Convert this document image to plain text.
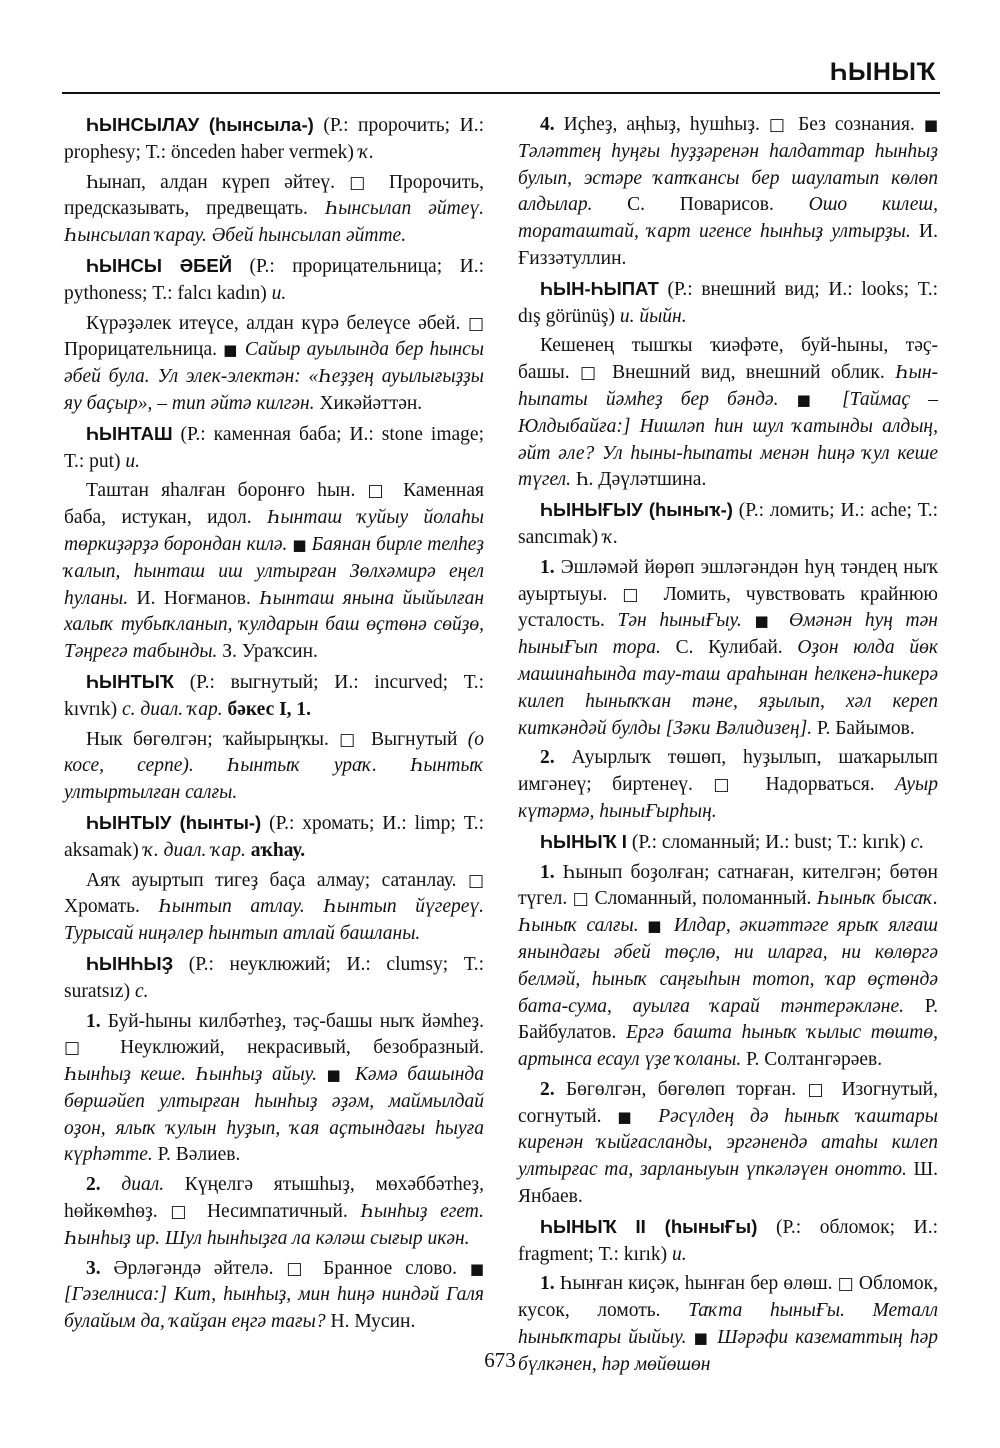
ҺЫНЫҠ

ҺЫНСЫЛАУ (һынсыла-) (Р.: пророчить; И.: prophesy; Т.: önceden haber vermek) ҡ.

Һынап, алдан күреп әйтеү. □ Пророчить, предсказывать, предвещать. Һынсылап әйтеү. Һынсылап ҡарау. Әбей һынсылап әйтте.

ҺЫНСЫ ӘБЕЙ (Р.: прорицательница; И.: pythoness; Т.: falcı kadın) и.

Күрәҙәлек итеүсе, алдан күрә белеүсе әбей. □ Прорицательница. ■ Сайыр ауылында бер һынсы әбей була. Ул элек-электән: «Һеҙҙең ауылығыҙҙы яу баҫыр», – тип әйтә килгән. Хикәйәттән.

ҺЫНТАШ (Р.: каменная баба; И.: stone image; Т.: put) и.

Таштан яһалған боронғо һын. □ Каменная баба, истукан, идол. Һынташ ҡуйыу йолаһы төркиҙәрҙә борондан килә. ■ Баянан бирле телһеҙ ҡалып, һынташ иш ултырған Зөлхәмирә еңел һуланы. И. Ноғманов. Һынташ янына йыйылған халыҡ тубыҡланып, ҡулдарын баш өҫтөнә сөйҙө, Тәңрегә табынды. З. Ураҡсин.

ҺЫНТЫҠ (Р.: выгнутый; И.: incurved; Т.: kıvrık) с. диал. ҡар. бәкес I, 1.

Нык бөгөлгән; ҡайырыңҡы. □ Выгнутый (о косе, серпе). Һынтыҡ ураҡ. Һынтыҡ ултыртылған салғы.

ҺЫНТЫУ (һынты-) (Р.: хромать; И.: limp; Т.: aksamak) ҡ. диал. ҡар. аҡһау.

Аяҡ ауыртып тигеҙ баҫа алмау; сатанлау. □ Хромать. Һынтып атлау. Һынтып йүгереү. Турысай ниңәлер һынтып атлай башланы.

ҺЫНҺЫҘ (Р.: неуклюжий; И.: clumsy; Т.: suratsız) с.

1. Буй-һыны килбәтһеҙ, тәҫ-башы ныҡ йәмһеҙ. □ Неуклюжий, некрасивый, безобразный. Һынһыҙ кеше. Һынһыҙ айыу. ■ Кәмә башында бөршәйеп ултырған һынһыҙ әҙәм, маймылдай оҙон, ялыҡ ҡулын һуҙып, ҡая аҫтындағы һыуға күрһәтте. Р. Вәлиев.

2. диал. Күңелгә ятышһыҙ, мөхәббәтһеҙ, һөйкөмһөҙ. □ Несимпатичный. Һынһыҙ егет. Һынһыҙ ир. Шул һынһыҙға ла кәләш сығыр икән.

3. Әрләгәндә әйтелә. □ Бранное слово. ■ [Гәзелниса:] Кит, һынһыҙ, мин һиңә ниндәй Галя булайым да, ҡайҙан еңгә тағы? Н. Мусин.

4. Иҫһеҙ, аңһыҙ, һушһыҙ. □ Без сознания. ■ Тәләттең һуңғы һуҙҙәренән һалдаттар һынһыҙ булып, эстәре ҡатҡансы бер шаулатып көлөп алдылар. С. Поварисов. Ошо килеш, тораташтай, ҡарт игенсе һынһыҙ ултырҙы. И. Ғиззәтуллин.

ҺЫН-ҺЫПАТ (Р.: внешний вид; И.: looks; Т.: dış görünüş) и. йыйн.

Кешенең тышҡы ҡиәфәте, буй-һыны, тәҫ-башы. □ Внешний вид, внешний облик. Һын-һыпаты йәмһеҙ бер бәндә. ■ [Таймаҫ – Юлдыбайға:] Нишләп һин шул ҡатынды алдың, әйт әле? Ул һыны-һыпаты менән һиңә ҡул кеше түгел. Һ. Дәүләтшина.

ҺЫНЫҒЫУ (һыныҡ-) (Р.: ломить; И.: ache; Т.: sancımak) ҡ.

1. Эшләмәй йөрөп эшләгәндән һуң тәндең ныҡ ауыртыуы. □ Ломить, чувствовать крайнюю усталость. Тән һыныҒыу. ■ Өмәнән һуң тән һыныҒып тора. С. Кулибай. Оҙон юлда йөк машинаһында тау-таш араһынан һелкенә-һикерә килеп һыныҡҡан тәне, яҙылып, хәл кереп киткәндәй булды [Зәки Вәлидизең]. Р. Байымов.

2. Ауырлыҡ төшөп, һуҙылып, шаҡарылып имгәнеү; биртенеү. □ Надорваться. Ауыр күтәрмә, һыныҒырһың.

ҺЫНЫҠ I (Р.: сломанный; И.: bust; Т.: kırık) с.

1. Һынып боҙолған; сатнаған, кителгән; бөтөн түгел. □ Сломанный, поломанный. Һыныҡ бысаҡ. Һыныҡ салғы. ■ Илдар, әкиәттәге ярыҡ ялғаш янындағы әбей төҫлө, ни иларға, ни көлөргә белмәй, һыныҡ саңғыһын тотоп, ҡар өҫтөндә бата-сума, ауылға ҡарай тәнтерәкләне. Р. Байбулатов. Ергә башта һыныҡ ҡылыс төштө, артынса есаул үҙе ҡоланы. Р. Солтангәрәев.

2. Бөгөлгән, бөгөлөп торған. □ Изогнутый, согнутый. ■ Рәсүлдең дә һыныҡ ҡаштары киренән ҡыйғасланды, эргәнендә атаһы килеп ултырғас та, зарланыуын үпкәләүен онотто. Ш. Янбаев.

ҺЫНЫҠ II (һыныҒы) (Р.: обломок; И.: fragment; Т.: kırık) и.

1. Һынған киҫәк, һынған бер өлөш. □ Обломок, кусок, ломоть. Таҡта һыныҒы. Металл һыныҡтары йыйыу. ■ Шәрәфи казематтың һәр бүлкәнен, һәр мөйөшөн

673
